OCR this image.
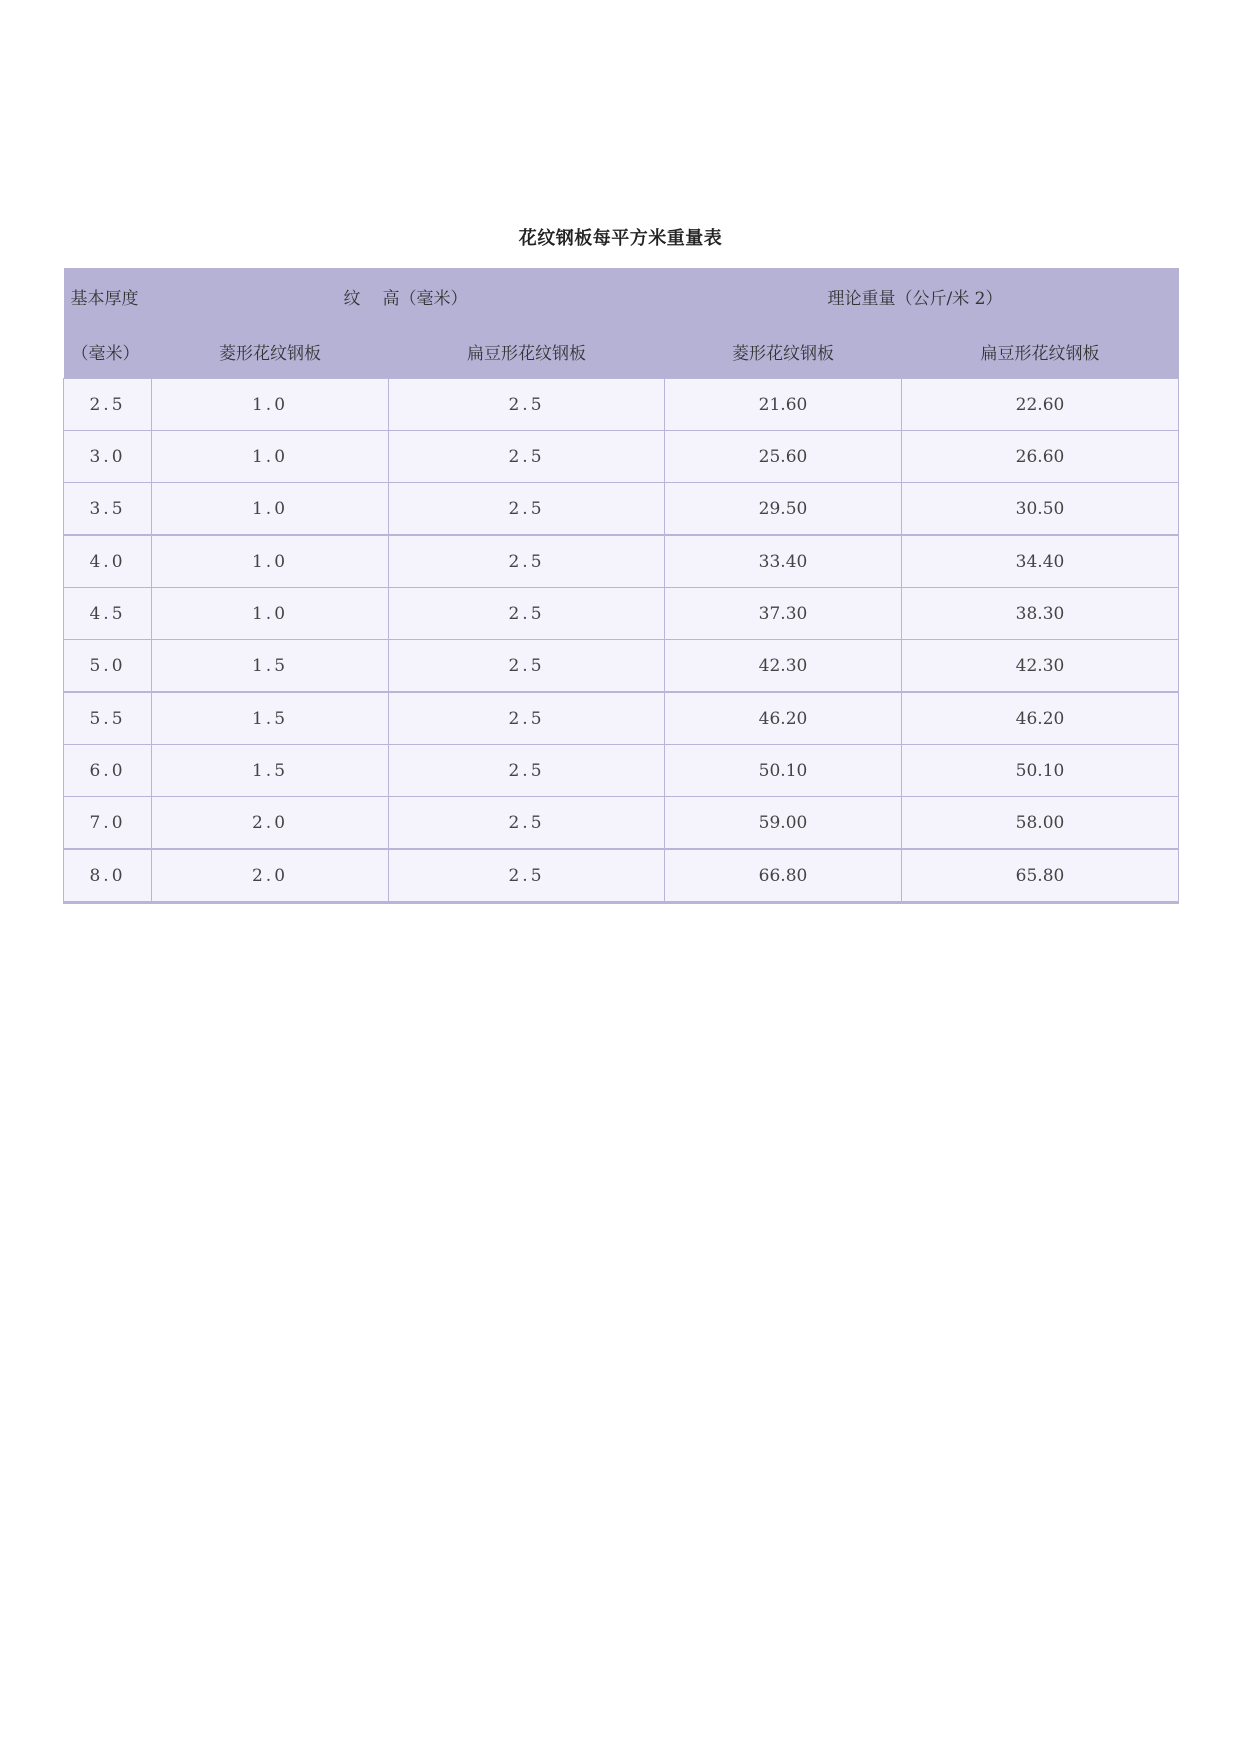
花纹钢板每平方米重量表
基本厚度	纹 高（毫米）		理论重量（公斤/米 2）	
（毫米）	菱形花纹钢板	扁豆形花纹钢板	菱形花纹钢板	扁豆形花纹钢板
2.5	1.0	2.5	21.60	22.60
3.0	1.0	2.5	25.60	26.60
3.5	1.0	2.5	29.50	30.50
4.0	1.0	2.5	33.40	34.40
4.5	1.0	2.5	37.30	38.30
5.0	1.5	2.5	42.30	42.30
5.5	1.5	2.5	46.20	46.20
6.0	1.5	2.5	50.10	50.10
7.0	2.0	2.5	59.00	58.00
8.0	2.0	2.5	66.80	65.80
